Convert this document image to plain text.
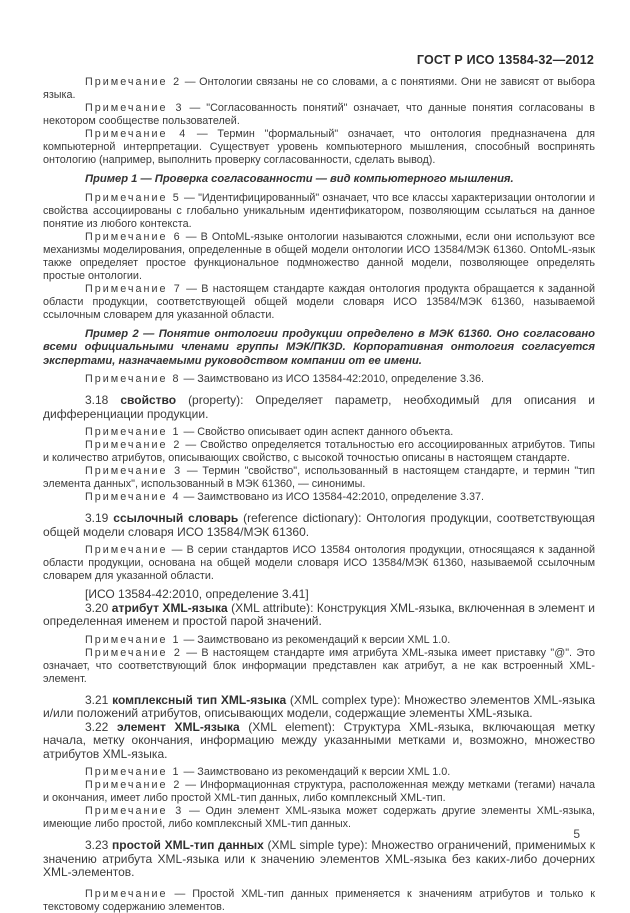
ГОСТ Р ИСО 13584-32—2012

Примечание 2 — Онтологии связаны не со словами, а с понятиями. Они не зависят от выбора языка.

Примечание 3 — "Согласованность понятий" означает, что данные понятия согласованы в некотором сообществе пользователей.

Примечание 4 — Термин "формальный" означает, что онтология предназначена для компьютерной интерпретации. Существует уровень компьютерного мышления, способный воспринять онтологию (например, выполнить проверку согласованности, сделать вывод).

Пример 1 — Проверка согласованности — вид компьютерного мышления.

Примечание 5 — "Идентифицированный" означает, что все классы характеризации онтологии и свойства ассоциированы с глобально уникальным идентификатором, позволяющим ссылаться на данное понятие из любого контекста.

Примечание 6 — В OntoML-языке онтологии называются сложными, если они используют все механизмы моделирования, определенные в общей модели онтологии ИСО 13584/МЭК 61360. OntoML-язык также определяет простое функциональное подмножество данной модели, позволяющее определять простые онтологии.

Примечание 7 — В настоящем стандарте каждая онтология продукта обращается к заданной области продукции, соответствующей общей модели словаря ИСО 13584/МЭК 61360, называемой ссылочным словарем для указанной области.

Пример 2 — Понятие онтологии продукции определено в МЭК 61360. Оно согласовано всеми официальными членами группы МЭК/ПК3D. Корпоративная онтология согласуется экспертами, назначаемыми руководством компании от ее имени.

Примечание 8 — Заимствовано из ИСО 13584-42:2010, определение 3.36.

3.18 свойство (property): Определяет параметр, необходимый для описания и дифференциации продукции.

Примечание 1 — Свойство описывает один аспект данного объекта.

Примечание 2 — Свойство определяется тотальностью его ассоциированных атрибутов. Типы и количество атрибутов, описывающих свойство, с высокой точностью описаны в настоящем стандарте.

Примечание 3 — Термин "свойство", использованный в настоящем стандарте, и термин "тип элемента данных", использованный в МЭК 61360, — синонимы.

Примечание 4 — Заимствовано из ИСО 13584-42:2010, определение 3.37.

3.19 ссылочный словарь (reference dictionary): Онтология продукции, соответствующая общей модели словаря ИСО 13584/МЭК 61360.

Примечание — В серии стандартов ИСО 13584 онтология продукции, относящаяся к заданной области продукции, основана на общей модели словаря ИСО 13584/МЭК 61360, называемой ссылочным словарем для указанной области.

[ИСО 13584-42:2010, определение 3.41]

3.20 атрибут XML-языка (XML attribute): Конструкция XML-языка, включенная в элемент и определенная именем и простой парой значений.

Примечание 1 — Заимствовано из рекомендаций к версии XML 1.0.

Примечание 2 — В настоящем стандарте имя атрибута XML-языка имеет приставку "@". Это означает, что соответствующий блок информации представлен как атрибут, а не как встроенный XML-элемент.

3.21 комплексный тип XML-языка (XML complex type): Множество элементов XML-языка и/или положений атрибутов, описывающих модели, содержащие элементы XML-языка.

3.22 элемент XML-языка (XML element): Структура XML-языка, включающая метку начала, метку окончания, информацию между указанными метками и, возможно, множество атрибутов XML-языка.

Примечание 1 — Заимствовано из рекомендаций к версии XML 1.0.

Примечание 2 — Информационная структура, расположенная между метками (тегами) начала и окончания, имеет либо простой XML-тип данных, либо комплексный XML-тип.

Примечание 3 — Один элемент XML-языка может содержать другие элементы XML-языка, имеющие либо простой, либо комплексный XML-тип данных.

3.23 простой XML-тип данных (XML simple type): Множество ограничений, применимых к значению атрибута XML-языка или к значению элементов XML-языка без каких-либо дочерних XML-элементов.

Примечание — Простой XML-тип данных применяется к значениям атрибутов и только к текстовому содержанию элементов.

5
